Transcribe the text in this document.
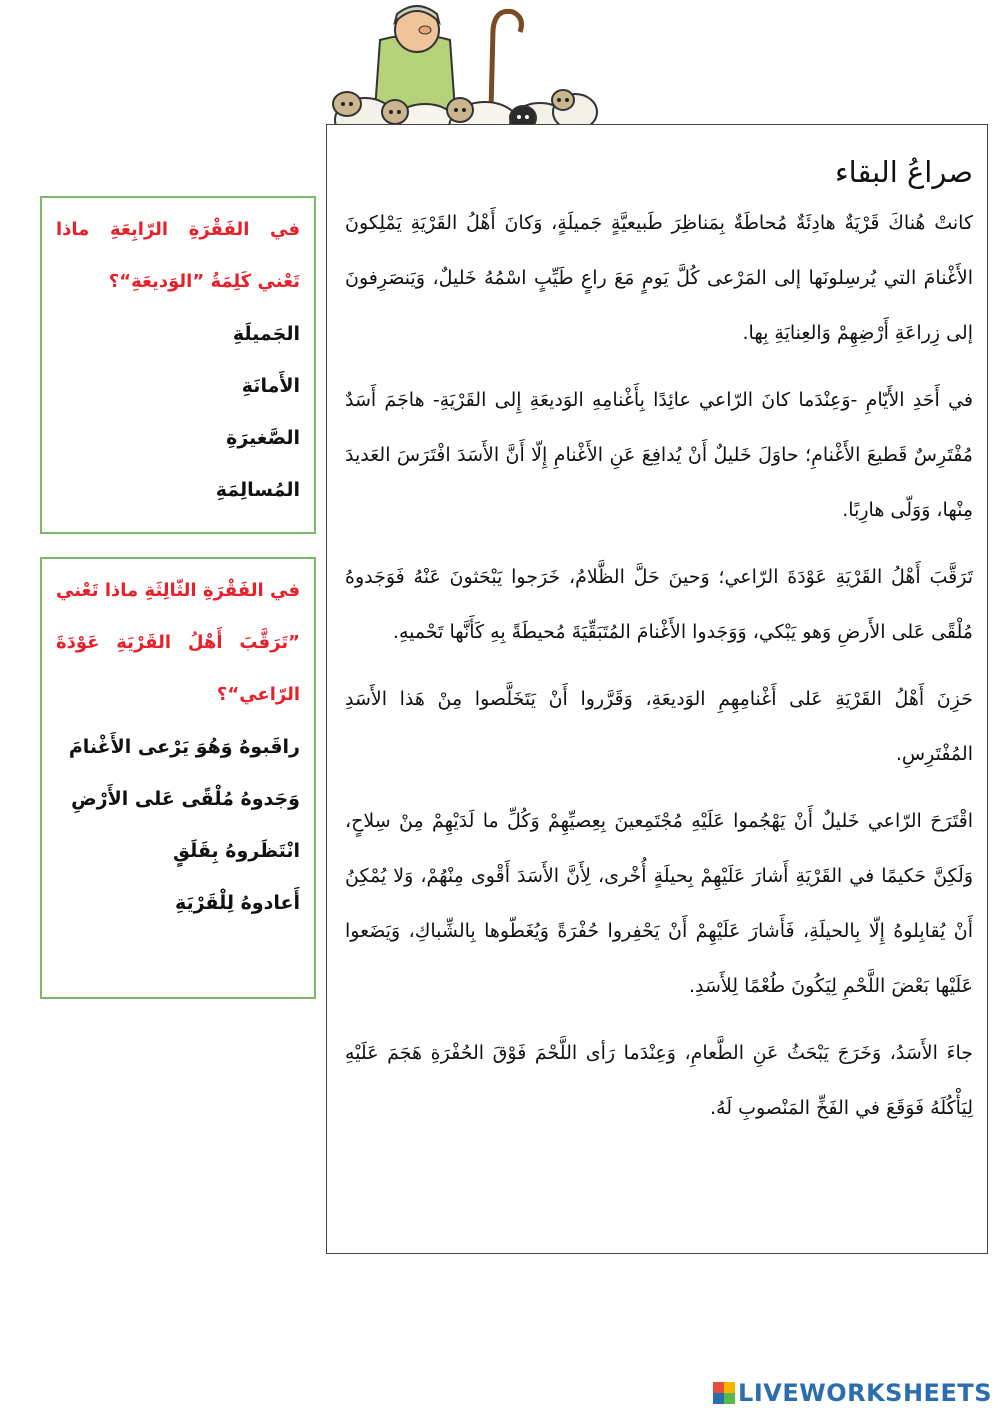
صراعُ البقاء

كانتْ هُناكَ قَرْيَةٌ هادِئَةٌ مُحاطَةٌ بِمَناظِرَ طَبيعيَّةٍ جَميلَةٍ، وَكانَ أَهْلُ القَرْيَةِ يَمْلِكونَ الأَغْنامَ التي يُرسِلونَها إلى المَرْعى كُلَّ يَومٍ مَعَ راعٍ طَيِّبٍ اسْمُهُ خَليلٌ، وَيَنصَرِفونَ إلى زِراعَةِ أَرْضِهِمْ وَالعِنايَةِ بِها.

في أَحَدِ الأَيّامِ -وَعِنْدَما كانَ الرّاعي عائِدًا بِأَغْنامِهِ الوَديعَةِ إِلى القَرْيَةِ- هاجَمَ أَسَدٌ مُفْتَرِسٌ قَطيعَ الأَغْنامِ؛ حاوَلَ خَليلٌ أَنْ يُدافِعَ عَنِ الأَغْنامِ إِلّا أَنَّ الأَسَدَ افْتَرَسَ العَديدَ مِنْها، وَوَلّى هارِبًا.

تَرَقَّبَ أَهْلُ القَرْيَةِ عَوْدَةَ الرّاعي؛ وَحينَ حَلَّ الظَّلامُ، خَرَجوا يَبْحَثونَ عَنْهُ فَوَجَدوهُ مُلْقًى عَلى الأَرضِ وَهو يَبْكي، وَوَجَدوا الأَغْنامَ المُتَبَقِّيَةَ مُحيطَةً بِهِ كَأَنَّها تَحْميهِ.

حَزِنَ أَهْلُ القَرْيَةِ عَلى أَغْنامِهِمِ الوَديعَةِ، وَقَرَّروا أَنْ يَتَخَلَّصوا مِنْ هَذا الأَسَدِ المُفْتَرِسِ.

اقْتَرَحَ الرّاعي خَليلٌ أَنْ يَهْجُموا عَلَيْهِ مُجْتَمِعينَ بِعِصيِّهِمْ وَكُلِّ ما لَدَيْهِمْ مِنْ سِلاحٍ، وَلَكِنَّ حَكيمًا في القَرْيَةِ أَشارَ عَلَيْهِمْ بِحيلَةٍ أُخْرى، لِأَنَّ الأَسَدَ أَقْوى مِنْهُمْ، وَلا يُمْكِنُ أَنْ يُقابِلوهُ إِلّا بِالحيلَةِ، فَأَشارَ عَلَيْهِمْ أَنْ يَحْفِروا حُفْرَةً وَيُغَطّوها بِالشِّباكِ، وَيَضَعوا عَلَيْها بَعْضَ اللَّحْمِ لِيَكُونَ طُعْمًا لِلأَسَدِ.

جاءَ الأَسَدُ، وَخَرَجَ يَبْحَثُ عَنِ الطَّعامِ، وَعِنْدَما رَأى اللَّحْمَ فَوْقَ الحُفْرَةِ هَجَمَ عَلَيْهِ لِيَأْكُلَهُ فَوَقَعَ في الفَخِّ المَنْصوبِ لَهُ.

في الفَقْرَةِ الرّابِعَةِ ماذا تَعْني كَلِمَةُ ”الوَديعَةِ“؟

الجَميلَةِ
الأَمانَةِ
الصَّغيرَةِ
المُسالِمَةِ

في الفَقْرَةِ الثّالِثَةِ ماذا تَعْني ”تَرَقَّبَ أَهْلُ القَرْيَةِ عَوْدَةَ الرّاعي“؟

راقَبوهُ وَهُوَ يَرْعى الأَغْنامَ
وَجَدوهُ مُلْقًى عَلى الأَرْضِ
انْتَظَروهُ بِقَلَقٍ
أَعادوهُ لِلْقَرْيَةِ
LIVEWORKSHEETS
